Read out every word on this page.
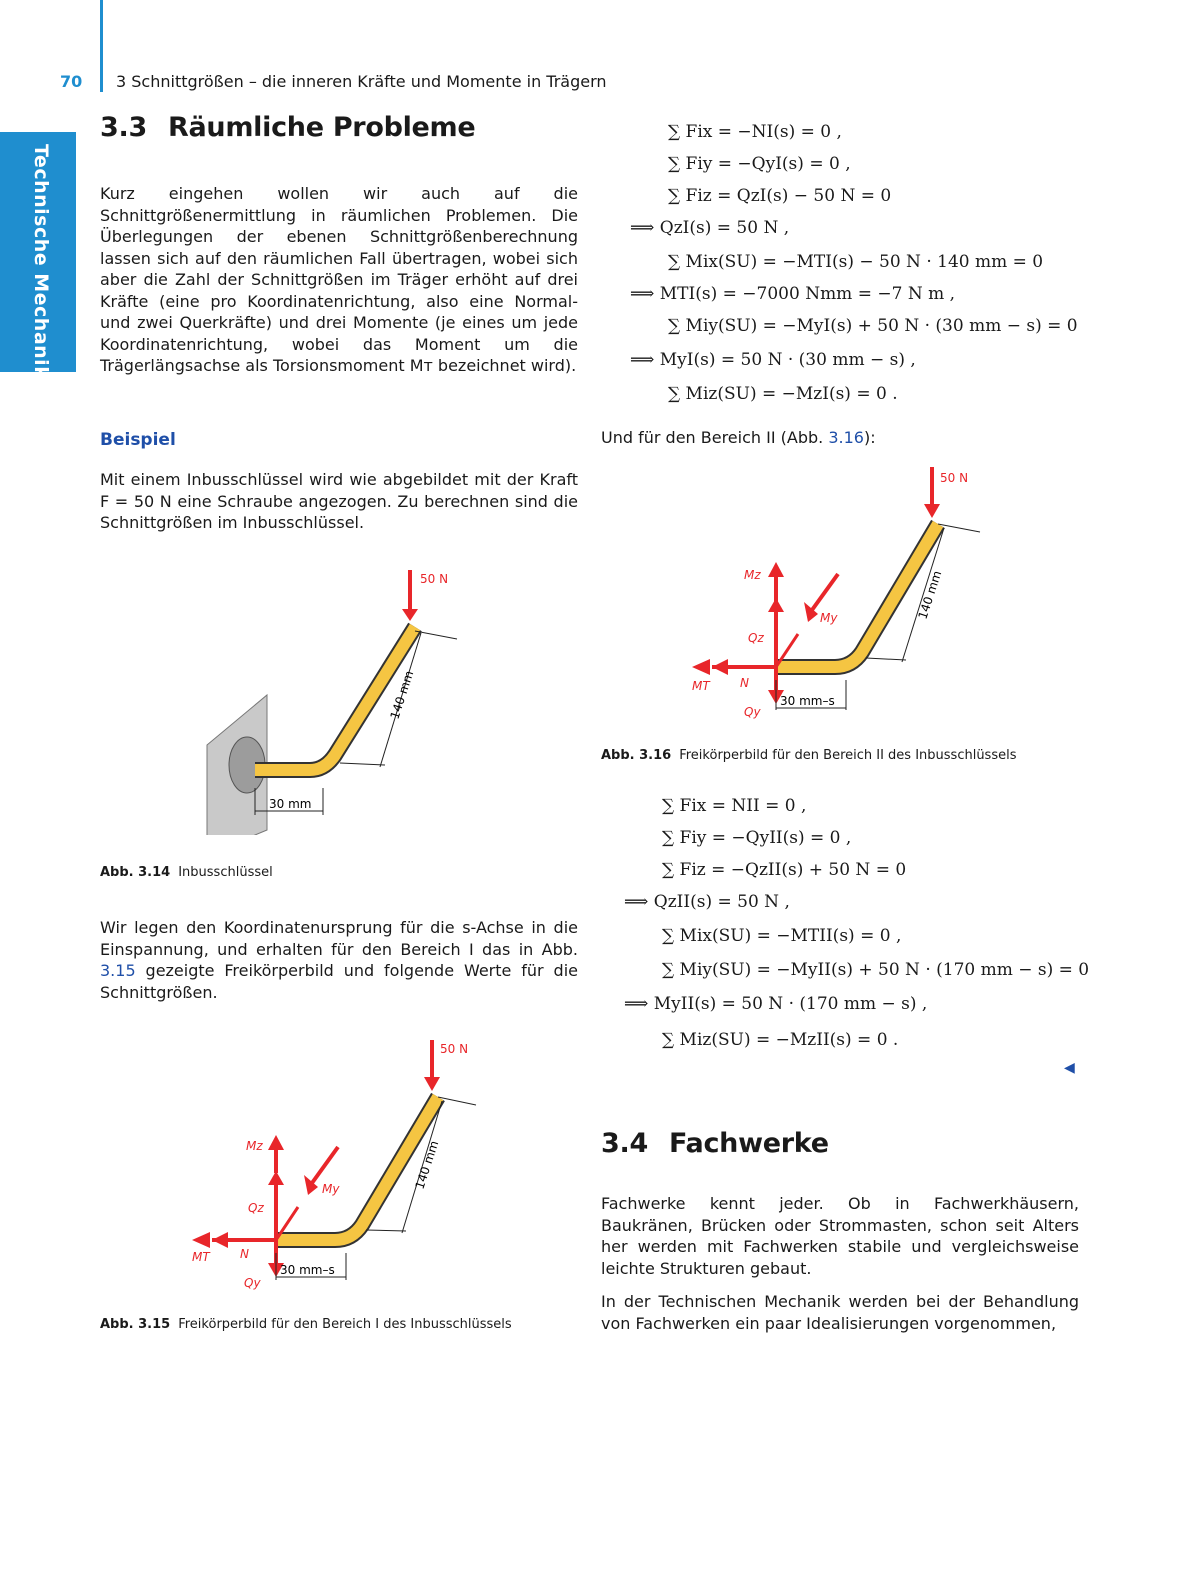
Technische Mechanik
70 3 Schnittgrößen – die inneren Kräfte und Momente in Trägern
3.3 Räumliche Probleme

Kurz eingehen wollen wir auch auf die Schnittgrößenermittlung in räumlichen Problemen. Die Überlegungen der ebenen Schnittgrößenberechnung lassen sich auf den räumlichen Fall übertragen, wobei sich aber die Zahl der Schnittgrößen im Träger erhöht auf drei Kräfte (eine pro Koordinatenrichtung, also eine Normal- und zwei Querkräfte) und drei Momente (je eines um jede Koordinatenrichtung, wobei das Moment um die Trägerlängsachse als Torsionsmoment Mᴛ bezeichnet wird).

Beispiel

Mit einem Inbusschlüssel wird wie abgebildet mit der Kraft F = 50 N eine Schraube angezogen. Zu berechnen sind die Schnittgrößen im Inbusschlüssel.

50 N
140 mm
30 mm
Abb. 3.14 Inbusschlüssel

Wir legen den Koordinatenursprung für die s-Achse in die Einspannung, und erhalten für den Bereich I das in Abb. 3.15 gezeigte Freikörperbild und folgende Werte für die Schnittgrößen.

50 N
Mz
Qz
My
MT	N
Qy
140 mm
30 mm–s
Abb. 3.15 Freikörperbild für den Bereich I des Inbusschlüssels
∑ Fix = −NI(s) = 0 ,
∑ Fiy = −QyI(s) = 0 ,
∑ Fiz = QzI(s) − 50 N = 0
⟹ QzI(s) = 50 N ,
∑ Mix(SU) = −MTI(s) − 50 N · 140 mm = 0
⟹ MTI(s) = −7000 Nmm = −7 N m ,
∑ Miy(SU) = −MyI(s) + 50 N · (30 mm − s) = 0
⟹ MyI(s) = 50 N · (30 mm − s) ,
∑ Miz(SU) = −MzI(s) = 0 .
Und für den Bereich II (Abb. 3.16):
50 N
Mz
Qz
My
MT	N
Qy
140 mm
30 mm–s
Abb. 3.16 Freikörperbild für den Bereich II des Inbusschlüssels
∑ Fix = NII = 0 ,
∑ Fiy = −QyII(s) = 0 ,
∑ Fiz = −QzII(s) + 50 N = 0
⟹ QzII(s) = 50 N ,
∑ Mix(SU) = −MTII(s) = 0 ,
∑ Miy(SU) = −MyII(s) + 50 N · (170 mm − s) = 0
⟹ MyII(s) = 50 N · (170 mm − s) ,
∑ Miz(SU) = −MzII(s) = 0 .
◀
3.4 Fachwerke

Fachwerke kennt jeder. Ob in Fachwerkhäusern, Baukränen, Brücken oder Strommasten, schon seit Alters her werden mit Fachwerken stabile und vergleichsweise leichte Strukturen gebaut.

In der Technischen Mechanik werden bei der Behandlung von Fachwerken ein paar Idealisierungen vorgenommen,
